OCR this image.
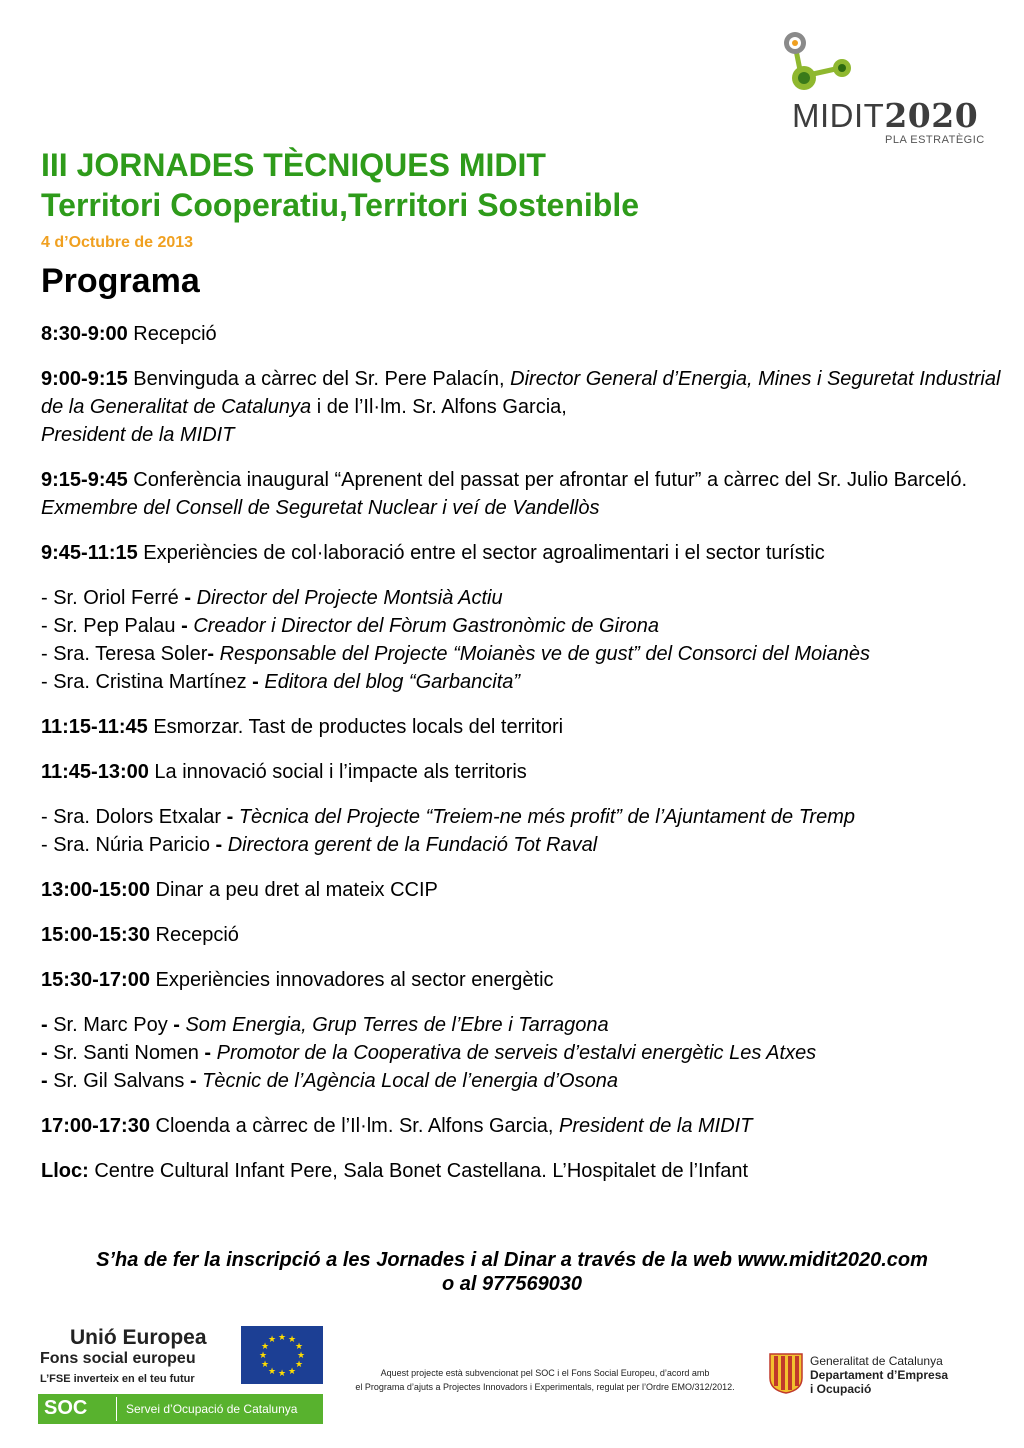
MIDIT2020
PLA ESTRATÈGIC
III JORNADES TÈCNIQUES MIDIT
Territori Cooperatiu,Territori Sostenible
4 d’Octubre de 2013
Programa

8:30-9:00 Recepció

9:00-9:15 Benvinguda a càrrec del Sr. Pere Palacín, Director General d’Energia, Mines i Seguretat Industrial de la Generalitat de Catalunya i de l’Il·lm. Sr. Alfons Garcia,
President de la MIDIT

9:15-9:45 Conferència inaugural “Aprenent del passat per afrontar el futur” a càrrec del Sr. Julio Barceló. Exmembre del Consell de Seguretat Nuclear i veí de Vandellòs

9:45-11:15 Experiències de col·laboració entre el sector agroalimentari i el sector turístic

- Sr. Oriol Ferré - Director del Projecte Montsià Actiu
- Sr. Pep Palau - Creador i Director del Fòrum Gastronòmic de Girona
- Sra. Teresa Soler- Responsable del Projecte “Moianès ve de gust” del Consorci del Moianès
- Sra. Cristina Martínez - Editora del blog “Garbancita”

11:15-11:45 Esmorzar. Tast de productes locals del territori

11:45-13:00 La innovació social i l’impacte als territoris

- Sra. Dolors Etxalar - Tècnica del Projecte “Treiem-ne més profit” de l’Ajuntament de Tremp
- Sra. Núria Paricio - Directora gerent de la Fundació Tot Raval

13:00-15:00 Dinar a peu dret al mateix CCIP

15:00-15:30 Recepció

15:30-17:00 Experiències innovadores al sector energètic

- Sr. Marc Poy - Som Energia, Grup Terres de l’Ebre i Tarragona
- Sr. Santi Nomen - Promotor de la Cooperativa de serveis d’estalvi energètic Les Atxes
- Sr. Gil Salvans - Tècnic de l’Agència Local de l’energia d’Osona

17:00-17:30 Cloenda a càrrec de l’Il·lm. Sr. Alfons Garcia, President de la MIDIT

Lloc: Centre Cultural Infant Pere, Sala Bonet Castellana. L’Hospitalet de l’Infant

S’ha de fer la inscripció a les Jornades i al Dinar a través de la web www.midit2020.com
o al 977569030
Unió Europea
Fons social europeu
L’FSE inverteix en el teu futur
★ ★
★
★
★
★
★
★
★
★
★
★
SOC	Servei d’Ocupació de Catalunya
Aquest projecte està subvencionat pel SOC i el Fons Social Europeu, d’acord amb
el Programa d’ajuts a Projectes Innovadors i Experimentals, regulat per l’Ordre EMO/312/2012.
Generalitat de Catalunya
Departament d’Empresa
i Ocupació
